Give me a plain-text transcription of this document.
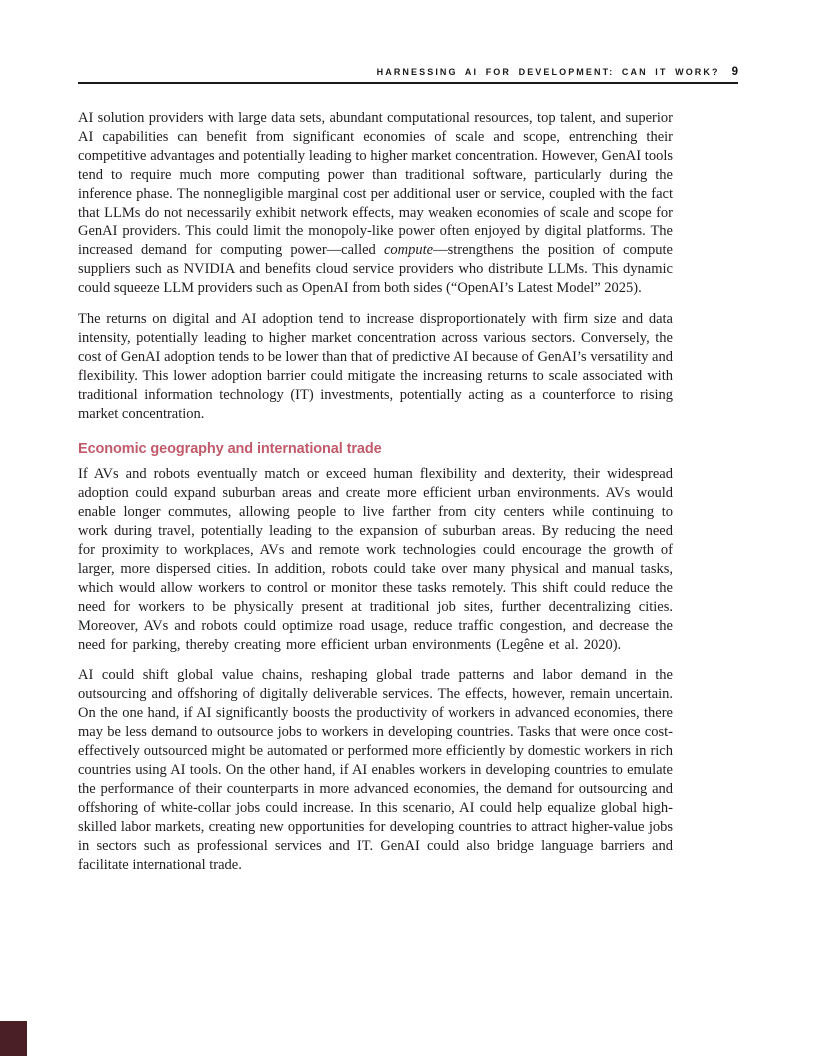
HARNESSING AI FOR DEVELOPMENT: CAN IT WORK? 9

AI solution providers with large data sets, abundant computational resources, top talent, and superior AI capabilities can benefit from significant economies of scale and scope, entrenching their competitive advantages and potentially leading to higher market concentration. However, GenAI tools tend to require much more computing power than traditional software, particularly during the inference phase. The nonnegligible marginal cost per additional user or service, coupled with the fact that LLMs do not necessarily exhibit network effects, may weaken economies of scale and scope for GenAI providers. This could limit the monopoly-like power often enjoyed by digital platforms. The increased demand for computing power—called compute—strengthens the position of compute suppliers such as NVIDIA and benefits cloud service providers who distribute LLMs. This dynamic could squeeze LLM providers such as OpenAI from both sides (“OpenAI’s Latest Model” 2025).

The returns on digital and AI adoption tend to increase disproportionately with firm size and data intensity, potentially leading to higher market concentration across various sectors. Conversely, the cost of GenAI adoption tends to be lower than that of predictive AI because of GenAI’s versatility and flexibility. This lower adoption barrier could mitigate the increasing returns to scale associated with traditional information technology (IT) investments, potentially acting as a counterforce to rising market concentration.

Economic geography and international trade

If AVs and robots eventually match or exceed human flexibility and dexterity, their widespread adoption could expand suburban areas and create more efficient urban environments. AVs would enable longer commutes, allowing people to live farther from city centers while continuing to work during travel, potentially leading to the expansion of suburban areas. By reducing the need for proximity to workplaces, AVs and remote work technologies could encourage the growth of larger, more dispersed cities. In addition, robots could take over many physical and manual tasks, which would allow workers to control or monitor these tasks remotely. This shift could reduce the need for workers to be physically present at traditional job sites, further decentralizing cities. Moreover, AVs and robots could optimize road usage, reduce traffic congestion, and decrease the need for parking, thereby creating more efficient urban environments (Legêne et al. 2020).

AI could shift global value chains, reshaping global trade patterns and labor demand in the outsourcing and offshoring of digitally deliverable services. The effects, however, remain uncertain. On the one hand, if AI significantly boosts the productivity of workers in advanced economies, there may be less demand to outsource jobs to workers in developing countries. Tasks that were once cost-effectively outsourced might be automated or performed more efficiently by domestic workers in rich countries using AI tools. On the other hand, if AI enables workers in developing countries to emulate the performance of their counterparts in more advanced economies, the demand for outsourcing and offshoring of white-collar jobs could increase. In this scenario, AI could help equalize global high-skilled labor markets, creating new opportunities for developing countries to attract higher-value jobs in sectors such as professional services and IT. GenAI could also bridge language barriers and facilitate international trade.
